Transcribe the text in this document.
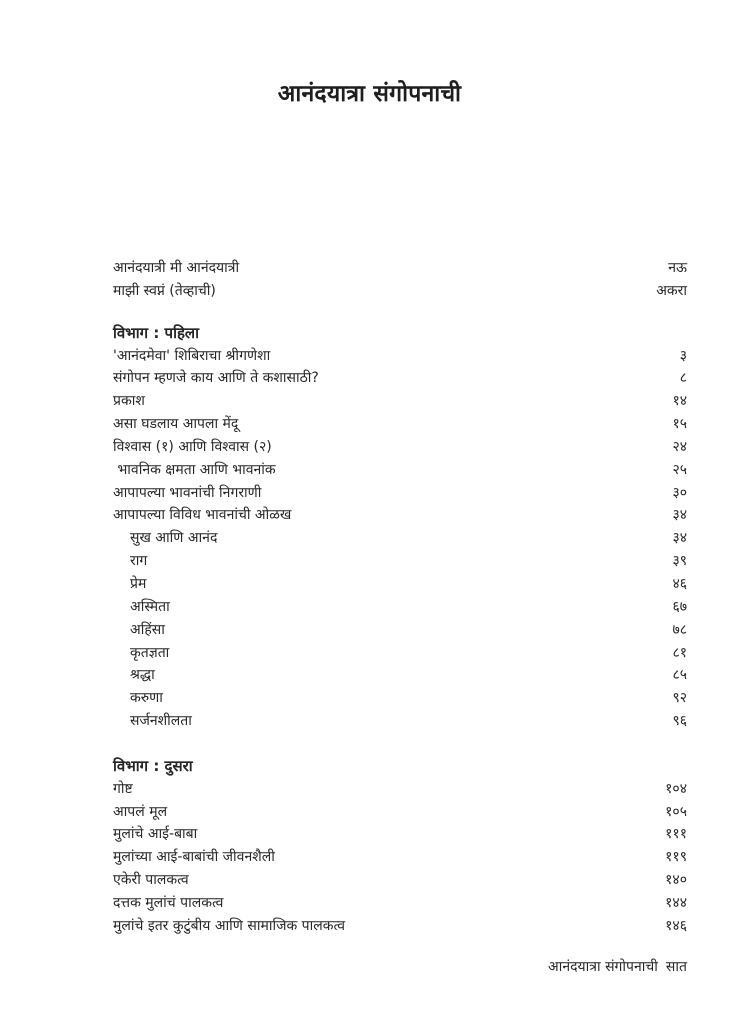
आनंदयात्रा संगोपनाची
आनंदयात्री मी आनंदयात्री	नऊ
माझी स्वप्नं (तेव्हाची)	अकरा
विभाग : पहिला
'आनंदमेवा' शिबिराचा श्रीगणेशा	३
संगोपन म्हणजे काय आणि ते कशासाठी?	८
प्रकाश	१४
असा घडलाय आपला मेंदू	१५
विश्वास (१) आणि विश्वास (२)	२४
भावनिक क्षमता आणि भावनांक	२५
आपापल्या भावनांची निगराणी	३०
आपापल्या विविध भावनांची ओळख	३४
सुख आणि आनंद	३४
राग	३९
प्रेम	४६
अस्मिता	६७
अहिंसा	७८
कृतज्ञता	८१
श्रद्धा	८५
करुणा	९२
सर्जनशीलता	९६
विभाग : दुसरा
गोष्ट	१०४
आपलं मूल	१०५
मुलांचे आई-बाबा	१११
मुलांच्या आई-बाबांची जीवनशैली	११९
एकेरी पालकत्व	१४०
दत्तक मुलांचं पालकत्व	१४४
मुलांचे इतर कुटुंबीय आणि सामाजिक पालकत्व	१४६
आनंदयात्रा संगोपनाची सात
